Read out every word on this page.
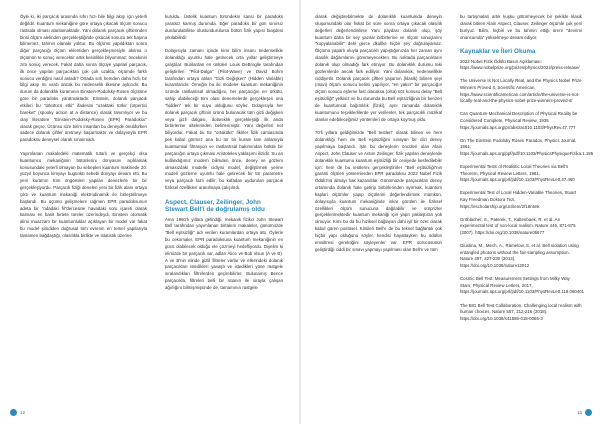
Öyle ki, iki parçacık arasında sıfırı hızı bile bilgi akışı için yeterli değildir. Kuantum mekaniğine göre ortaya çıkacak ölçüm sonucu rastsala olması alanlamaktadır. Yani dolanık parçacık çiftlerinden birisi ölçüm alelinden gerçekleştiğinde çıkacak sonucu tek başına bilinemez, tahmin olanakı yoktur. Bu ölçümü yapıldıktan sonra diğer parçacığı ölçüm eklentiden gerçekleşmesiyle akılma o ölçümün te sonuç verecektir artık kesinlikle bilyummaz; öncekinin zıttı sonuç verecek. Fakat daha sonra ölçüye yapılan parçacık, ilk önce yapılan parçacıktan çok çok uzakta, ölçümde farklı sonucu verdiğini nasıl anladı? Ortada sırlı hemden daha hızlı bir bilgi akışı mı vardı ancak bu nedenselik ilkesine aykırıdır. Bu durum da dolanıklık kuramının Einstein-Podolsky-Rosen ölçütüne göre bir paradoks yaratmaktadır. Einstein, dolanık parçacık etkileri bu "ürkütücü etki" ifadesini "uzaktaki türkir (ürpertici hareket" (spooky action at a distance) olarak tanımlıyor ve bu olay literatüre "Einstein-Podolsky-Rosen (EPR) Paradoksu" olarak geçse. Ücünsu size birim insanları bu deneyde önüldürken sadece dolanık çiftler üretmeyi başarmaktır ve dolayısıyla EPR paradoksu deneysel olarak sınanmadı.

Yayımlanan makaledeki matematik tutarlı ve gerçekçi olsa kuantumcu mekaniğinin bütünlerini dünyasını açıklamak konusundaki yeterli olmayan bu sebepleri kuantum makinede 20. yüzyıl boyunca kimyayı bugünkü sebebi dünyayı devam etti. Bu yeni kuramın tüm öngörüleri yapılan denezlerle bir bir gerçekleşiyordu. Parçacık fiziği deneleri yeni bir fizik alanı ortaya çıktı ve kuantum mekaniği elektrodinamik ile birleştirilmeye başlandı. Bu üçümü gelişmelere rağmen EPR paradoksunun adeta bir "odadaki fil"dercesine havadaki soru işareti olarak kalması en basit birtete türeler üzerindeydi. Einstein otomatik alimi muazzam bir kuantumluklar açıklayan bir model var fakat bu model şimdiden doğrusal tüm evrenin en temel yapılarıyla tamamen bağdaştığı, olasılıkla birlikte ve istatistik üzerine

kuruldu. Üstelik kuantum türündekin sansı bir paradoks yaratsız karmış durumda. Eğer paradoks bir gün sınırsız durdurulabilirse olustundurulursa bütün fizik yapısı biaşdesi yıkılabilirdi!

Dolayısıyla zamanı içinde kimi bilim insanı nedenselikle dolanıklığı uyumlu hale getirecek orta yollar geliştirmeye çalıştılar. Bunlardan en ünlüleri Louis DeBroglie tarafından geliştirilen "Pilot-Dalga" (Pilot-Wave) ve David Bohm tarafından ortaya atılan "Gizli Değişken" (Hidden Variable) kuramlarıdır. Örneğin bu iki modeler kuantum mekaniğinin özünde rastlantısal olmadığını, her parçacığın en ürkütü, sahip olabileceği tüm olası denemelerde gerçekleşen ona "hidden" tek bir suyu olduğunu söyler. Dolayısıyla her dolanık parçacık çiftinin ürünü bulunacak tüm gizli değişken veya gizli dalgası, dolanıklık gerçekleştiği ilk anda birbirlerine altelerinden belirlenmiştir. Yani değerleri net biliyordur. Fakat bu tür "ortaküks" fikirler fizik camiasında pek kabul görmez ana bu tür bir kuram tam anlamıyla kuantumsal filtrasyon ve rastlantısal bakımından bölüle bir parçacığın ortaya çıkması Aristoteles yaklaşımı ilizidir. Su an kullandığımız modern bilimden önce, deney ve gözlem olmasızdaki modelle cidiyisi model, değiştirmek yerine modeli gözleme uyumlu hale getirecek bir tür parametre veya parçacık fazlı edilir, bu kafadan uydurulan parçacık fiziksel özellikleri aranılmaya çalışılırdı.

Aspect, Clauser, Zeilinger, John Stewart Bell'i de doğrulamış oldu

Ama 1960'lı yıllara gelindiği, mekanik fizikci John Stewart Bell tarafından yayımlanan birtakım makaleler, günümüzde "Bell eşitsizliği" adı verilen kuramlardan ortaya attı. Öylerle bu cekomaler, EPR paradoksuna kuantum mekaniğinin en gücü olabilecek olduğu ele çözmeyi hedefliyordu. Diyelim ki elimizde bir parçacık var, adları Alice ve Bob olsun (A ve B). A ve B'nin elinde gizlil filtreler varlar ve ellerindeki dolanık parçacıkları istediklerı yavaşlı ve istedikleri yöne rastgele sıralandıkları filtrelerden geçirebilirler. Bulunamış Bence parçacıkla, filtreleri belli bir nüanın ile sirayla çalışan ağırlığını bilmişmişsinde de, tamamının rastgele

12

olarak değiştirebilmekte de dolanıklık kuantumda deneyin oluşumundaki olar fiskat bir süre sonra ortaya çıkacak olasılık değerleri değerlendirilirse Yani paydası dolanık olup, şöy kuantum daha bir sey yazılar birbirlerine ve ölçüm sonuçlarını "kopyalanabilir" dehi gerce dkullke hiçbir şey doğrulayamaz. Ölçümü yaparlı oluyla parçacıklı yapıştığımızda her zaman aynı olasılık dağılımlarını göremeyecekten. Bu noktada parçacıkların dolanık olup olmadığı fark etmiyor. Bu dolanıklık durumu teki gözlemlerde ancak fark ediliyor. Yani dolanıklık, nedensellikle ciddiyetlir. Dolanık parçacık çiftleri yaşamın (klasik) bilinen şeyi (mavi) ölçüm sonucu kelimi yapılıyor, "en yakın" bir parçacığın ölçüm sonucu eşleme fast olacaksa (olsa) söz konusu delay "Bell eşitsizliği" yelkisiz ve bu durumda bu Bell eşitsizliğinin bir benzeri de kuantumsal bağımlılık (fiziki), aynı zamanda dolanıklık kuantumunu teşviklerlilerde yer verilenler, tek parçacıklı müzikal olanlar edebileceğimiz yöntemleri de ortaya koymuş oldu.

70'li yıllara geldiğimizde "Bell testleri" olarak bilinen ve hem dolanıklığı hem de Bell eşitsizliğini sınayan bir dizi deney yapılmaya başlandı. İşte bu deneylerin öncüleri olan Alain Aspect, John Clauser ve Anton Zeilinger, fizik yapılan deneylerde dolanıklık kuantumu kuantum eşitsizliği bir ceviyede kesfedilebilir için; hem de bu testlerini gerçekleştirirler "Bell eşitsizliği"nin garanti ölçüleri yöntemlerden EPR paradoksu 2022 Nobel Fizik Ödülü'nü almayı hak kazandılar. Günümüzde parçacıkları deney ortamında dolanık hale getirip birbirlerinden ayırmak, kuantum kaplari ölçümler yapıp ölçülerini değerlendirmek mümkün, dolayısıyla kuantum mekaniğinde inkar görülen ile fiziksel özellikleri ölçüm sonucuna dağılabilir ve sürprizler gerçeklenmektedir kuantum mekaniği için yapıt yaklaştıran yok olmuyor. Kimi bu da bu hiziksel bağlayan dahi iyil bir özet olarak kabul gören postüsel. Kimileri Bell'e de bu teknel bağlantılı çok hiçbir yapı olduğunu söyler, kendisi hayattayken bu ödülün emsiltresi gerektiğini söyleyenler var. EPR sürücüsünün geliştirdiği ciddi bir sınavı yapmayı yapılması olan Bell'e ve tüm

bu tartışmaları artık kuşku götürmeyecek bir şekilde klasik olarak bitiren Alain Aspect, Clauser, Zeilinger ölçümle çok yeni buriyuz. Bilim, hiçbiri ve bu tahmin ettiği ürere "devrimi onuncuında" yükselmeye devam ediyor.

Kaynaklar ve İleri Okuma
2022 Nobel Fizik Ödülü Basın Açıklaması: https://www.nobelprize.org/prizes/physics/2022/press-release/
The Universe Is Not Locally Real, and the Physics Nobel Prize Winners Proved It, Scientific American, https://www.scientificamerican.com/article/the-universe-is-not-locally-real-and-the-physics-nobel-prize-winners-proved-it/
Can Quantum-Mechanical Description of Physical Reality be Considered Complete, Physical Review, 1935 https://journals.aps.org/pr/abstract/10.1103/PhysRev.47.777
On The Einstein Podolsky Rosen Paradox, Physics Journal, 1964, https://journals.aps.org/ppf/pdf/10.1103/PhysicsPhysiqueFizika.1.195
Experimental Tests of Realistic Local Theories via Bell's Theorem, Physical Review Letters, 1981, https://journals.aps.org/prl/pdf/10.1103/PhysRevLett.47.460
Experimental Test of Local Hidden-Variable Theories, Stuart Kay Freedman Doktora Tezi, https://escholarship.org/uc/item/2f18n5nk
Gröblacher, S., Paterek, T., Kaltenbaek, R. et al. An experimental test of non-local realism. Nature 446, 871-875 (2007). https://doi.org/10.1038/nature05677
Giustina, M., Mech, A., Ramelow, S. et al. Bell violation using entangled photons without the fair-sampling assumption. Nature 497, 227-230 (2013). https://doi.org/10.1038/nature12012
Cosmic Bell Test: Measurement Settings from Milky Way Stars, Physical Review Letters, 2017, https://journals.aps.org/prl/pdf/10.1103/PhysRevLett.118.060401
The BIG Bell Test Collaboration. Challenging local realism with human choices. Nature 557, 212-216 (2018). https://doi.org/10.1038/s41586-018-0085-3
13
